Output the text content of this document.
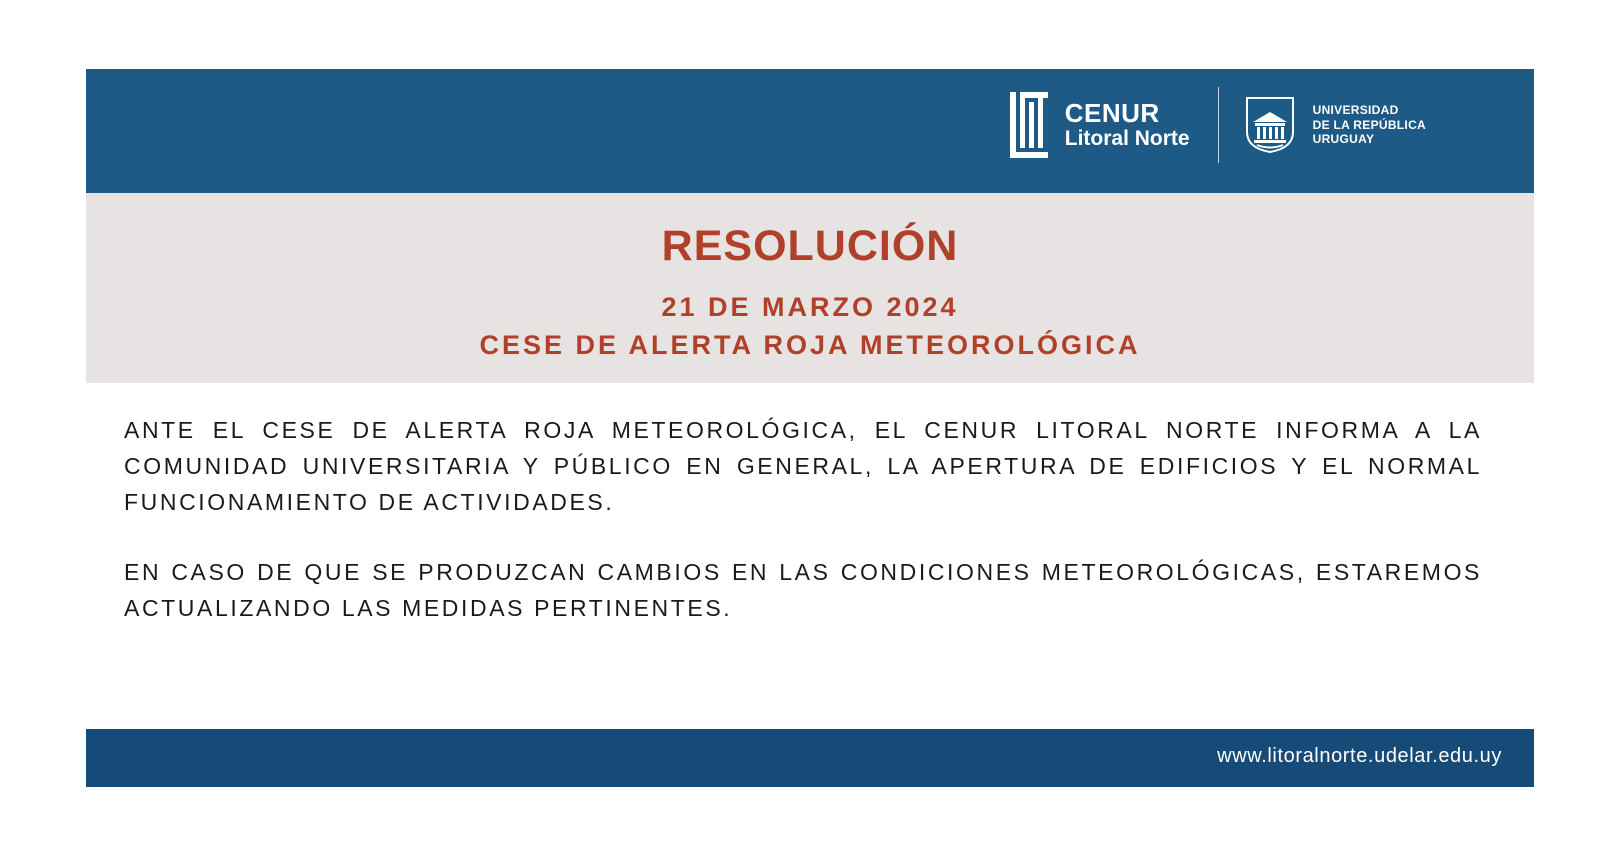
CENUR
Litoral Norte
UNIVERSIDAD
DE LA REPÚBLICA
URUGUAY
RESOLUCIÓN
21 DE MARZO 2024
CESE DE ALERTA ROJA METEOROLÓGICA

ANTE EL CESE DE ALERTA ROJA METEOROLÓGICA, EL CENUR LITORAL NORTE INFORMA A LA COMUNIDAD UNIVERSITARIA Y PÚBLICO EN GENERAL, LA APERTURA DE EDIFICIOS Y EL NORMAL FUNCIONAMIENTO DE ACTIVIDADES.

EN CASO DE QUE SE PRODUZCAN CAMBIOS EN LAS CONDICIONES METEOROLÓGICAS, ESTAREMOS ACTUALIZANDO LAS MEDIDAS PERTINENTES.

www.litoralnorte.udelar.edu.uy
